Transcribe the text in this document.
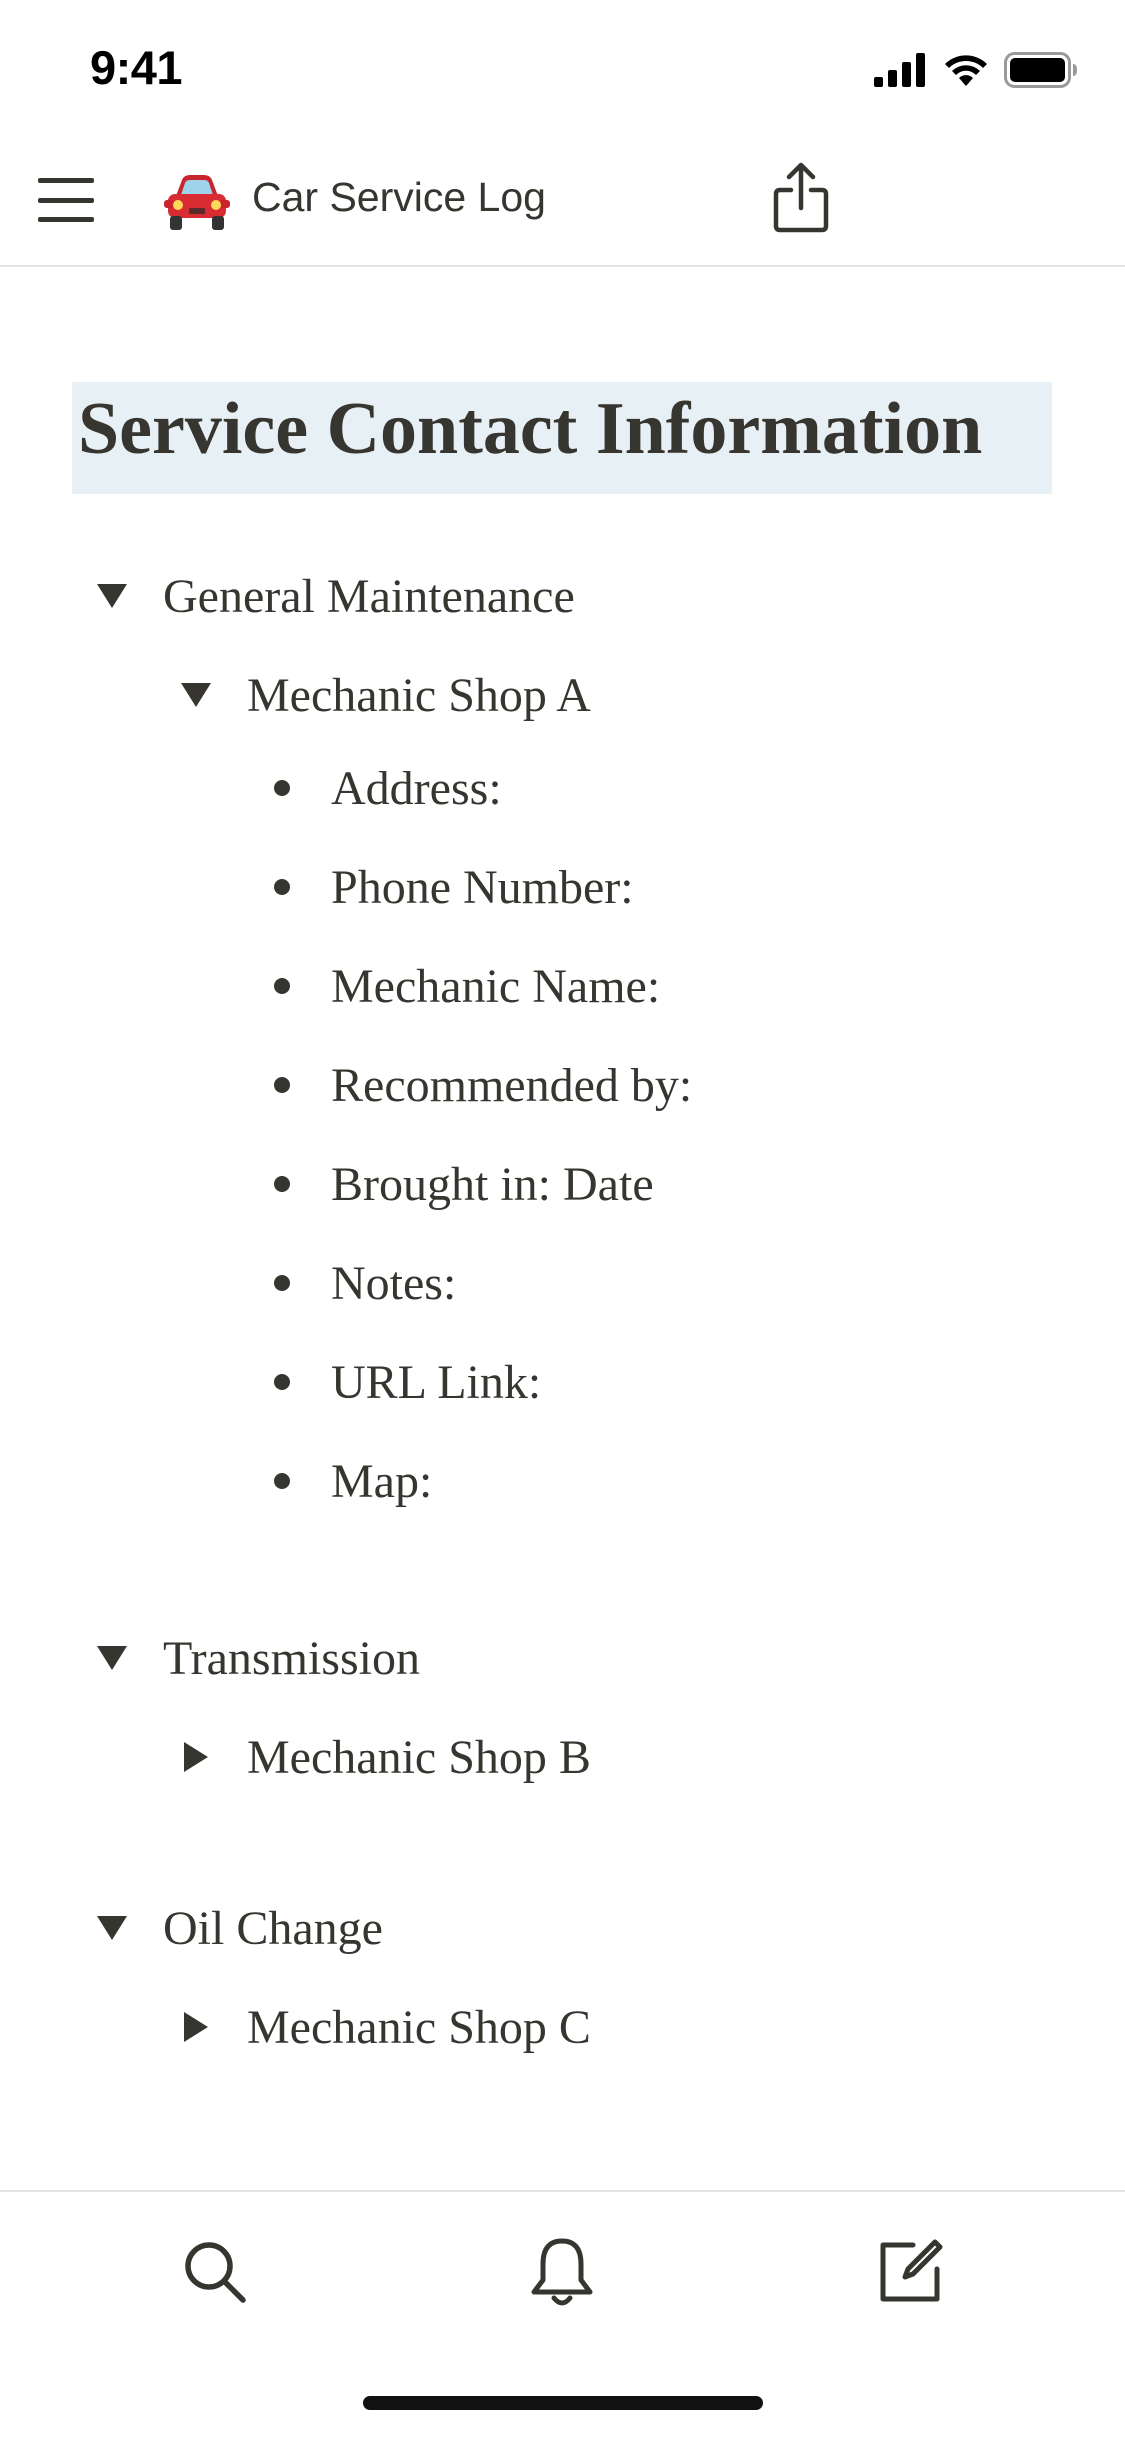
9:41
Car Service Log
Service Contact Information
General Maintenance
Mechanic Shop A
Address:
Phone Number:
Mechanic Name:
Recommended by:
Brought in: Date
Notes:
URL Link:
Map:
Transmission
Mechanic Shop B
Oil Change
Mechanic Shop C
